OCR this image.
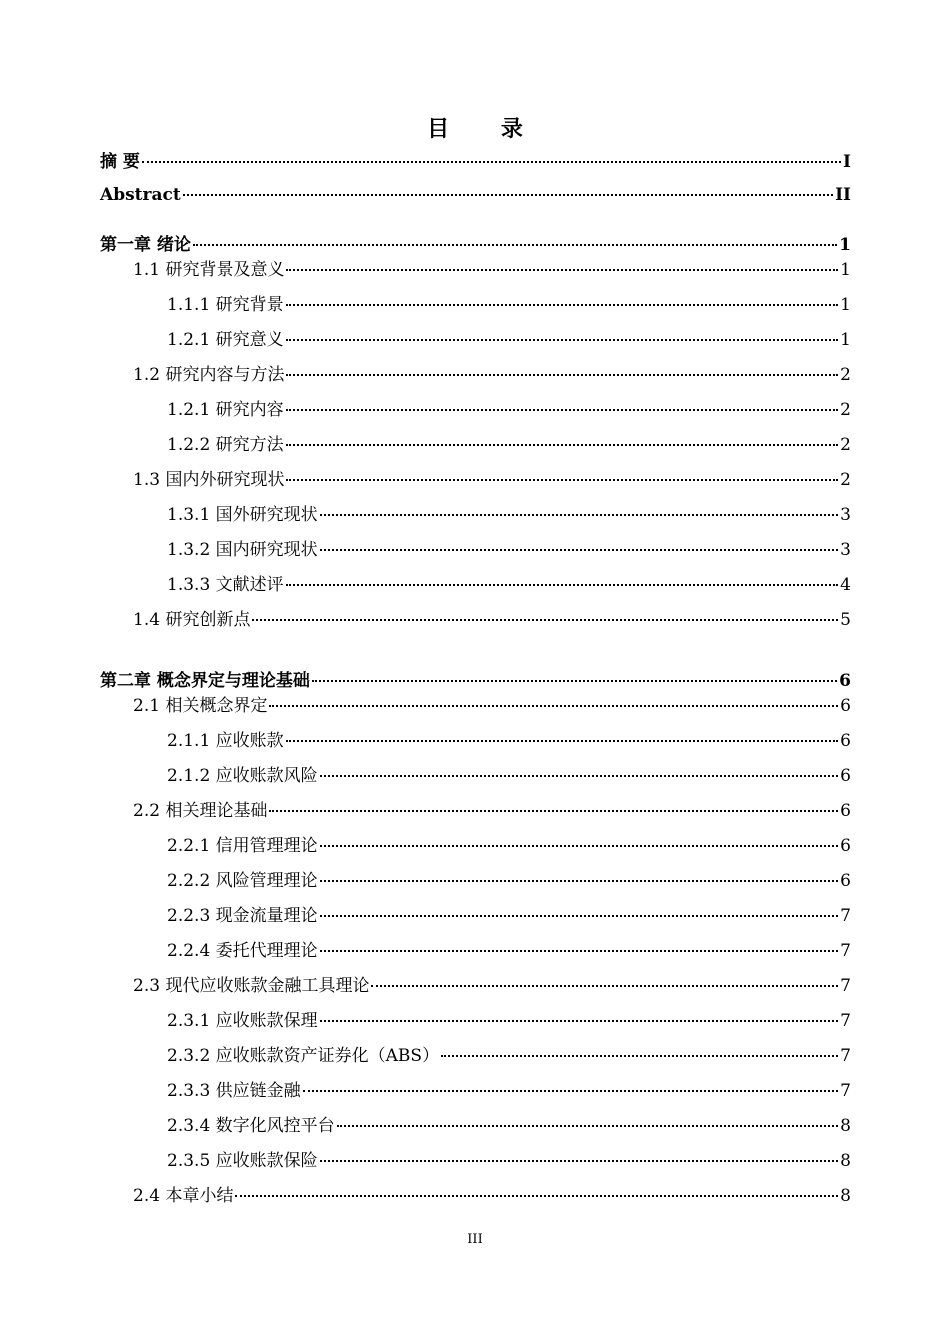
目 录
摘 要	I
Abstract	II
第一章 绪论	1
1.1 研究背景及意义	1
1.1.1 研究背景	1
1.2.1 研究意义	1
1.2 研究内容与方法	2
1.2.1 研究内容	2
1.2.2 研究方法	2
1.3 国内外研究现状	2
1.3.1 国外研究现状	3
1.3.2 国内研究现状	3
1.3.3 文献述评	4
1.4 研究创新点	5
第二章 概念界定与理论基础	6
2.1 相关概念界定	6
2.1.1 应收账款	6
2.1.2 应收账款风险	6
2.2 相关理论基础	6
2.2.1 信用管理理论	6
2.2.2 风险管理理论	6
2.2.3 现金流量理论	7
2.2.4 委托代理理论	7
2.3 现代应收账款金融工具理论	7
2.3.1 应收账款保理	7
2.3.2 应收账款资产证券化（ABS）	7
2.3.3 供应链金融	7
2.3.4 数字化风控平台	8
2.3.5 应收账款保险	8
2.4 本章小结	8
III
